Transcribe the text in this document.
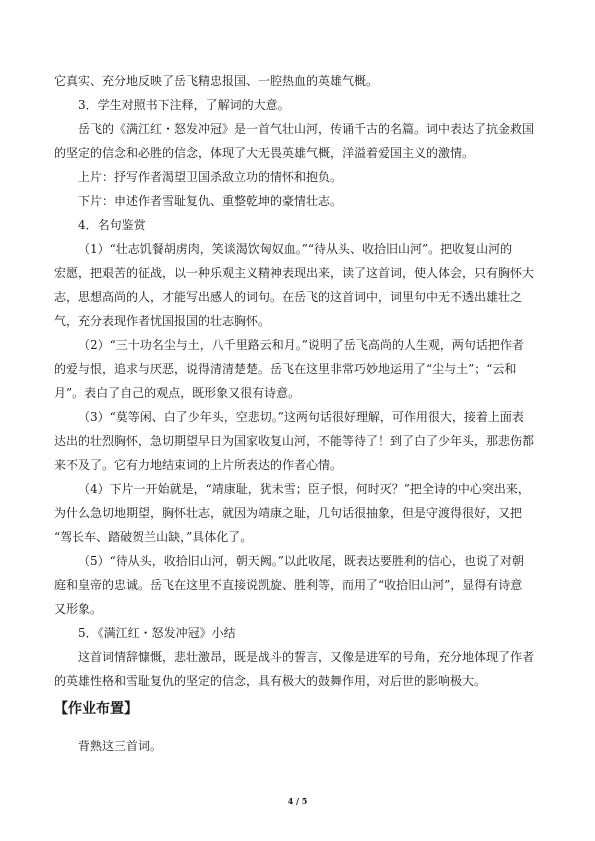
它真实、充分地反映了岳飞精忠报国、一腔热血的英雄气概。
3．学生对照书下注释，了解词的大意。
岳飞的《满江红・怒发冲冠》是一首气壮山河，传诵千古的名篇。词中表达了抗金救国
的坚定的信念和必胜的信念，体现了大无畏英雄气概，洋溢着爱国主义的激情。
上片：抒写作者渴望卫国杀敌立功的情怀和抱负。
下片：申述作者雪耻复仇、重整乾坤的豪情壮志。
4．名句鉴赏
（1）“壮志饥餐胡虏肉，笑谈渴饮匈奴血。”“待从头、收拾旧山河”。把收复山河的
宏愿，把艰苦的征战，以一种乐观主义精神表现出来，读了这首词，使人体会，只有胸怀大
志，思想高尚的人，才能写出感人的词句。在岳飞的这首词中，词里句中无不透出雄壮之
气，充分表现作者忧国报国的壮志胸怀。
（2）“三十功名尘与土，八千里路云和月。”说明了岳飞高尚的人生观，两句话把作者
的爱与恨，追求与厌恶，说得清清楚楚。岳飞在这里非常巧妙地运用了“尘与土”；“云和
月”。表白了自己的观点，既形象又很有诗意。
（3）“莫等闲、白了少年头，空悲切。”这两句话很好理解，可作用很大，接着上面表
达出的壮烈胸怀，急切期望早日为国家收复山河，不能等待了！到了白了少年头，那悲伤都
来不及了。它有力地结束词的上片所表达的作者心情。
（4）下片一开始就是，“靖康耻，犹未雪；臣子恨，何时灭？”把全诗的中心突出来，
为什么急切地期望，胸怀壮志，就因为靖康之耻，几句话很抽象，但是守渡得很好，又把
“驾长车、踏破贺兰山缺，”具体化了。
（5）“待从头，收拾旧山河，朝天阙。”以此收尾，既表达要胜利的信心，也说了对朝
庭和皇帝的忠诚。岳飞在这里不直接说凯旋、胜利等，而用了“收拾旧山河”，显得有诗意
又形象。
5．《满江红・怒发冲冠》小结
这首词情辞慷慨，悲壮激昂，既是战斗的誓言，又像是进军的号角，充分地体现了作者
的英雄性格和雪耻复仇的坚定的信念，具有极大的鼓舞作用，对后世的影响极大。
【作业布置】
背熟这三首词。
4 / 5
